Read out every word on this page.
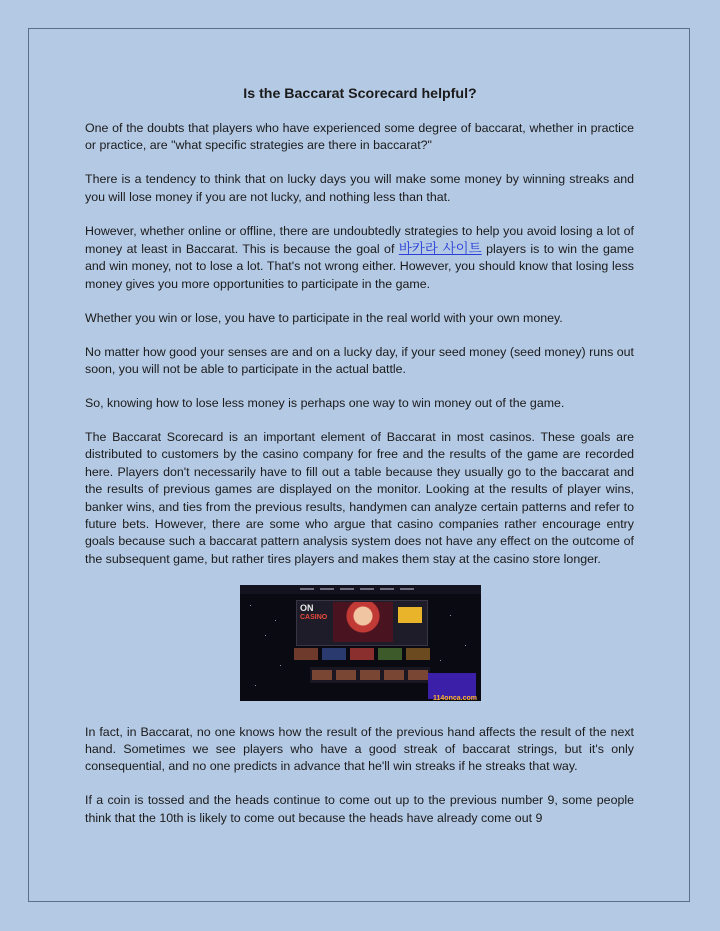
Is the Baccarat Scorecard helpful?

One of the doubts that players who have experienced some degree of baccarat, whether in practice or practice, are "what specific strategies are there in baccarat?"

There is a tendency to think that on lucky days you will make some money by winning streaks and you will lose money if you are not lucky, and nothing less than that.

However, whether online or offline, there are undoubtedly strategies to help you avoid losing a lot of money at least in Baccarat. This is because the goal of 바카라 사이트 players is to win the game and win money, not to lose a lot. That's not wrong either. However, you should know that losing less money gives you more opportunities to participate in the game.

Whether you win or lose, you have to participate in the real world with your own money.

No matter how good your senses are and on a lucky day, if your seed money (seed money) runs out soon, you will not be able to participate in the actual battle.

So, knowing how to lose less money is perhaps one way to win money out of the game.

The Baccarat Scorecard is an important element of Baccarat in most casinos. These goals are distributed to customers by the casino company for free and the results of the game are recorded here. Players don't necessarily have to fill out a table because they usually go to the baccarat and the results of previous games are displayed on the monitor. Looking at the results of player wins, banker wins, and ties from the previous results, handymen can analyze certain patterns and refer to future bets. However, there are some who argue that casino companies rather encourage entry goals because such a baccarat pattern analysis system does not have any effect on the outcome of the subsequent game, but rather tires players and makes them stay at the casino store longer.

ON
CASINO
114onca.com

In fact, in Baccarat, no one knows how the result of the previous hand affects the result of the next hand. Sometimes we see players who have a good streak of baccarat strings, but it's only consequential, and no one predicts in advance that he'll win streaks if he streaks that way.

If a coin is tossed and the heads continue to come out up to the previous number 9, some people think that the 10th is likely to come out because the heads have already come out 9
